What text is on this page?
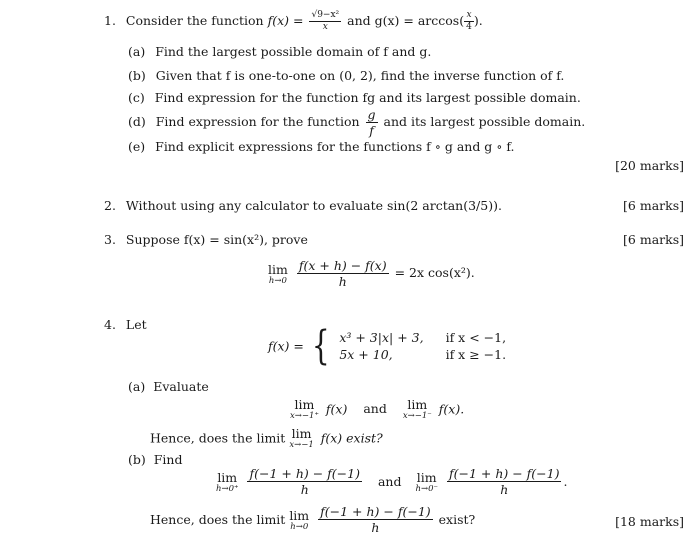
1. Consider the function $f(x) = \frac{\text{√9−x²}}{x}$ and $g(x) = \arccos( \frac{x}{4}$ ).
(a) Find the largest possible domain of f and g.
(b) Given that f is one-to-one on (0, 2), find the inverse function of f.
(c) Find expression for the function fg and its largest possible domain.
(d) Find expression for the function $\frac{g}{f}$ and its largest possible domain.
(e) Find explicit expressions for the functions f ∘ g and g ∘ f.
[20 marks]
2. Without using any calculator to evaluate sin(2 arctan(3/5)).	[6 marks]
3. Suppose f(x) = sin(x²), prove	[6 marks]
lim
h→0
$\frac{f(x + h) - f(x)}{h} = 2x$ cos(x²).
4. Let
f(x) = { x³ + 3|x| + 3, if x < −1,
5x + 10,	if x ≥ −1.
(a) Evaluate
lim
x→−1⁺ f(x) and lim
x→−1⁻ f(x).
Hence, does the limit lim
x→−1 f(x) exist?
(b) Find
lim
h→0⁺
$\frac{f(-1 + h) - f(-1)}{h}$ and lim
h→0⁻
$\frac{f(-1 + h) - f(-1)}{h}$ .
Hence, does the limit lim
h→0
$\frac{f(-1 + h) - f(-1)}{h}$ exist?	[18 marks]
